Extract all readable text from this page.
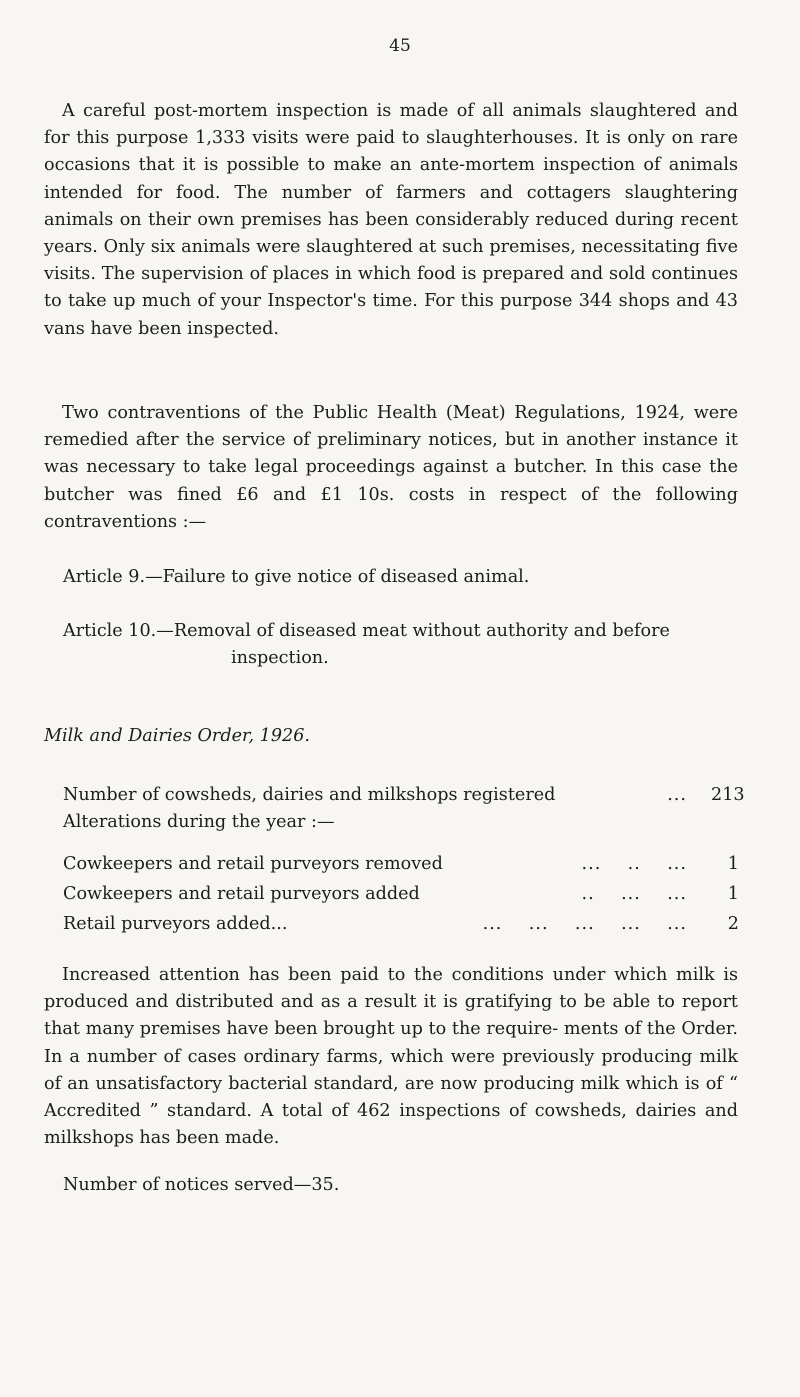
45

A careful post-mortem inspection is made of all animals slaughtered and for this purpose 1,333 visits were paid to slaughterhouses. It is only on rare occasions that it is possible to make an ante-mortem inspection of animals intended for food. The number of farmers and cottagers slaughtering animals on their own premises has been considerably reduced during recent years. Only six animals were slaughtered at such premises, necessitating five visits. The supervision of places in which food is prepared and sold continues to take up much of your Inspector's time. For this purpose 344 shops and 43 vans have been inspected.

Two contraventions of the Public Health (Meat) Regulations, 1924, were remedied after the service of preliminary notices, but in another instance it was necessary to take legal proceedings against a butcher. In this case the butcher was fined £6 and £1 10s. costs in respect of the following contraventions :—

Article 9.—Failure to give notice of diseased animal.
Article 10.—Removal of diseased meat without authority and before
inspection.
Milk and Dairies Order, 1926.
Number of cowsheds, dairies and milkshops registered	...	213
Alterations during the year :—
Cowkeepers and retail purveyors removed	...    ..    ...	1
Cowkeepers and retail purveyors added	..    ...    ...	1
Retail purveyors added...	...    ...    ...    ...    ...	2

Increased attention has been paid to the conditions under which milk is produced and distributed and as a result it is gratifying to be able to report that many premises have been brought up to the require- ments of the Order. In a number of cases ordinary farms, which were previously producing milk of an unsatisfactory bacterial standard, are now producing milk which is of “ Accredited ” standard. A total of 462 inspections of cowsheds, dairies and milkshops has been made.

Number of notices served—35.
